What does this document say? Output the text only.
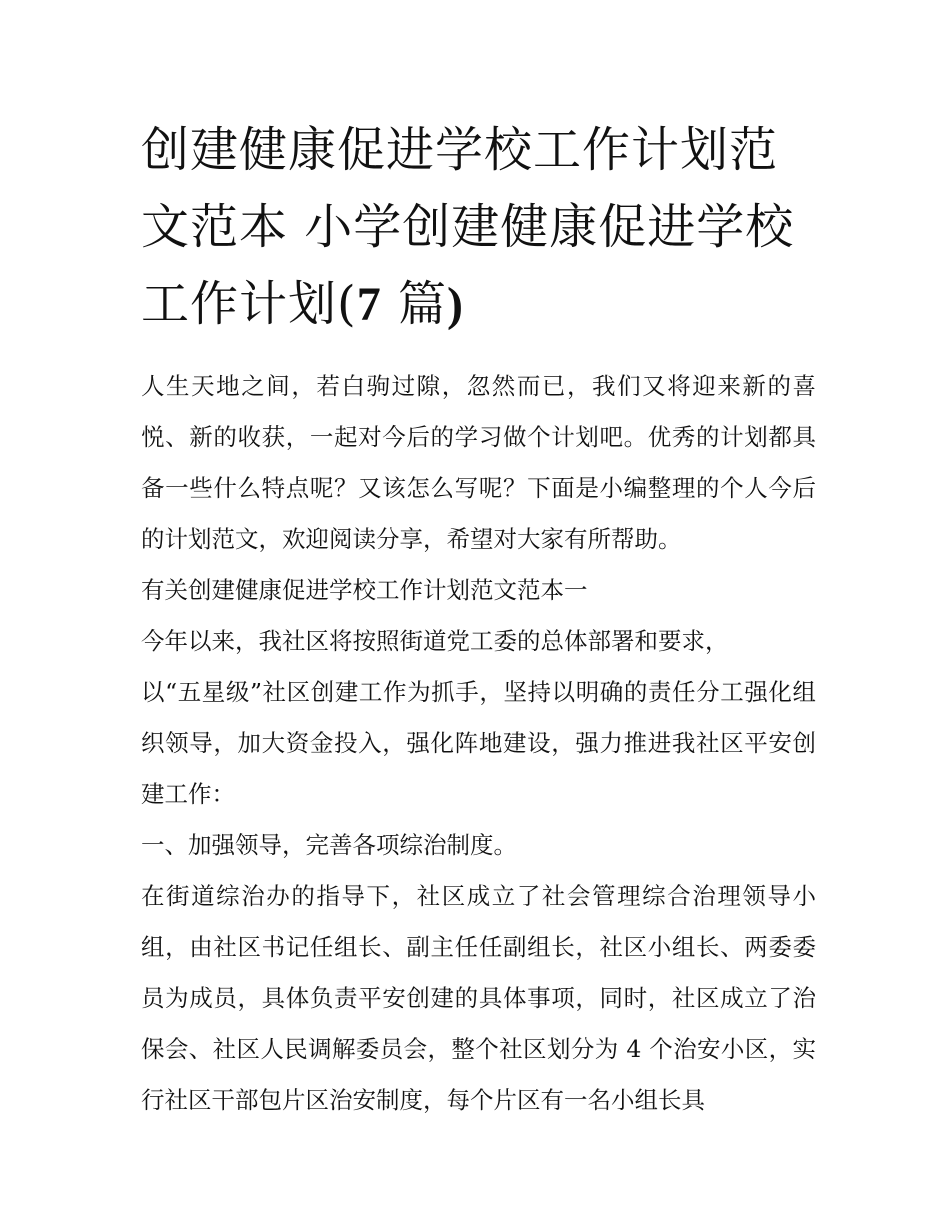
创建健康促进学校工作计划范文范本 小学创建健康促进学校工作计划(7 篇)

人生天地之间，若白驹过隙，忽然而已，我们又将迎来新的喜悦、新的收获，一起对今后的学习做个计划吧。优秀的计划都具备一些什么特点呢？又该怎么写呢？下面是小编整理的个人今后的计划范文，欢迎阅读分享，希望对大家有所帮助。

有关创建健康促进学校工作计划范文范本一

今年以来，我社区将按照街道党工委的总体部署和要求，

以“五星级”社区创建工作为抓手，坚持以明确的责任分工强化组织领导，加大资金投入，强化阵地建设，强力推进我社区平安创建工作：

一、加强领导，完善各项综治制度。

在街道综治办的指导下，社区成立了社会管理综合治理领导小组，由社区书记任组长、副主任任副组长，社区小组长、两委委员为成员，具体负责平安创建的具体事项，同时，社区成立了治保会、社区人民调解委员会，整个社区划分为 4 个治安小区，实行社区干部包片区治安制度，每个片区有一名小组长具
